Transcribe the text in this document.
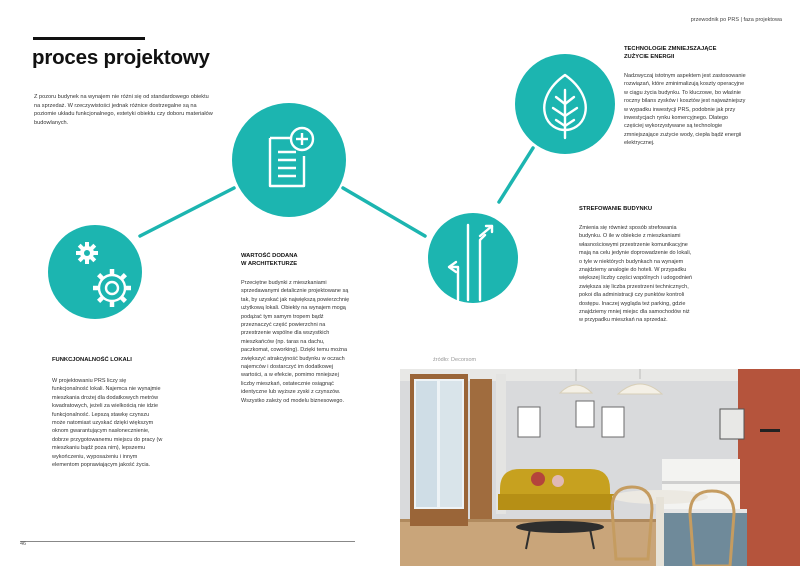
przewodnik po PRS | faza projektowa
proces projektowy

Z pozoru budynek na wynajem nie różni się od standardowego obiektu na sprzedaż. W rzeczywistości jednak różnice dostrzegalne są na poziomie układu funkcjonalnego, estetyki obiektu czy doboru materiałów budowlanych.

FUNKCJONALNOŚĆ LOKALI

W projektowaniu PRS liczy się funkcjonalność lokali. Najemca nie wynajmie mieszkania drożej dla dodatkowych metrów kwadratowych, jeżeli za wielkością nie idzie funkcjonalność. Lepszą stawkę czynszu może natomiast uzyskać dzięki większym oknom gwarantującym nasłonecznienie, dobrze przygotowanemu miejscu do pracy (w mieszkaniu bądź poza nim), lepszemu wykończeniu, wyposażeniu i innym elementom poprawiającym jakość życia.

WARTOŚĆ DODANA
W ARCHITEKTURZE

Przeciętne budynki z mieszkaniami sprzedawanymi detalicznie projektowane są tak, by uzyskać jak największą powierzchnię użytkową lokali. Obiekty na wynajem mogą podążać tym samym tropem bądź przeznaczyć część powierzchni na przestrzenie wspólne dla wszystkich mieszkańców (np. taras na dachu, paczkomat, coworking). Dzięki temu można zwiększyć atrakcyjność budynku w oczach najemców i dostarczyć im dodatkowej wartości, a w efekcie, pomimo mniejszej liczby mieszkań, ostatecznie osiągnąć identyczne lub wyższe zyski z czynszów. Wszystko zależy od modelu biznesowego.

TECHNOLOGIE ZMNIEJSZAJĄCE
ZUŻYCIE ENERGII

Nadzwyczaj istotnym aspektem jest zastosowanie rozwiązań, które zminimalizują koszty operacyjne w ciągu życia budynku. To kluczowe, bo właśnie roczny bilans zysków i kosztów jest najważniejszy w wypadku inwestycji PRS, podobnie jak przy inwestycjach rynku komercyjnego. Dlatego częściej wykorzystywane są technologie zmniejszające zużycie wody, ciepła bądź energii elektrycznej.

STREFOWANIE BUDYNKU

Zmienia się również sposób strefowania budynku. O ile w obiekcie z mieszkaniami własnościowymi przestrzenie komunikacyjne mają na celu jedynie doprowadzenie do lokali, o tyle w niektórych budynkach na wynajem znajdziemy analogie do hoteli. W przypadku większej liczby części wspólnych i udogodnień zwiększa się liczba przestrzeni technicznych, pokoi dla administracji czy punktów kontroli dostępu. Inaczej wygląda też parking, gdzie znajdziemy mniej miejsc dla samochodów niż w przypadku mieszkań na sprzedaż.

źródło: Decorsom
46
